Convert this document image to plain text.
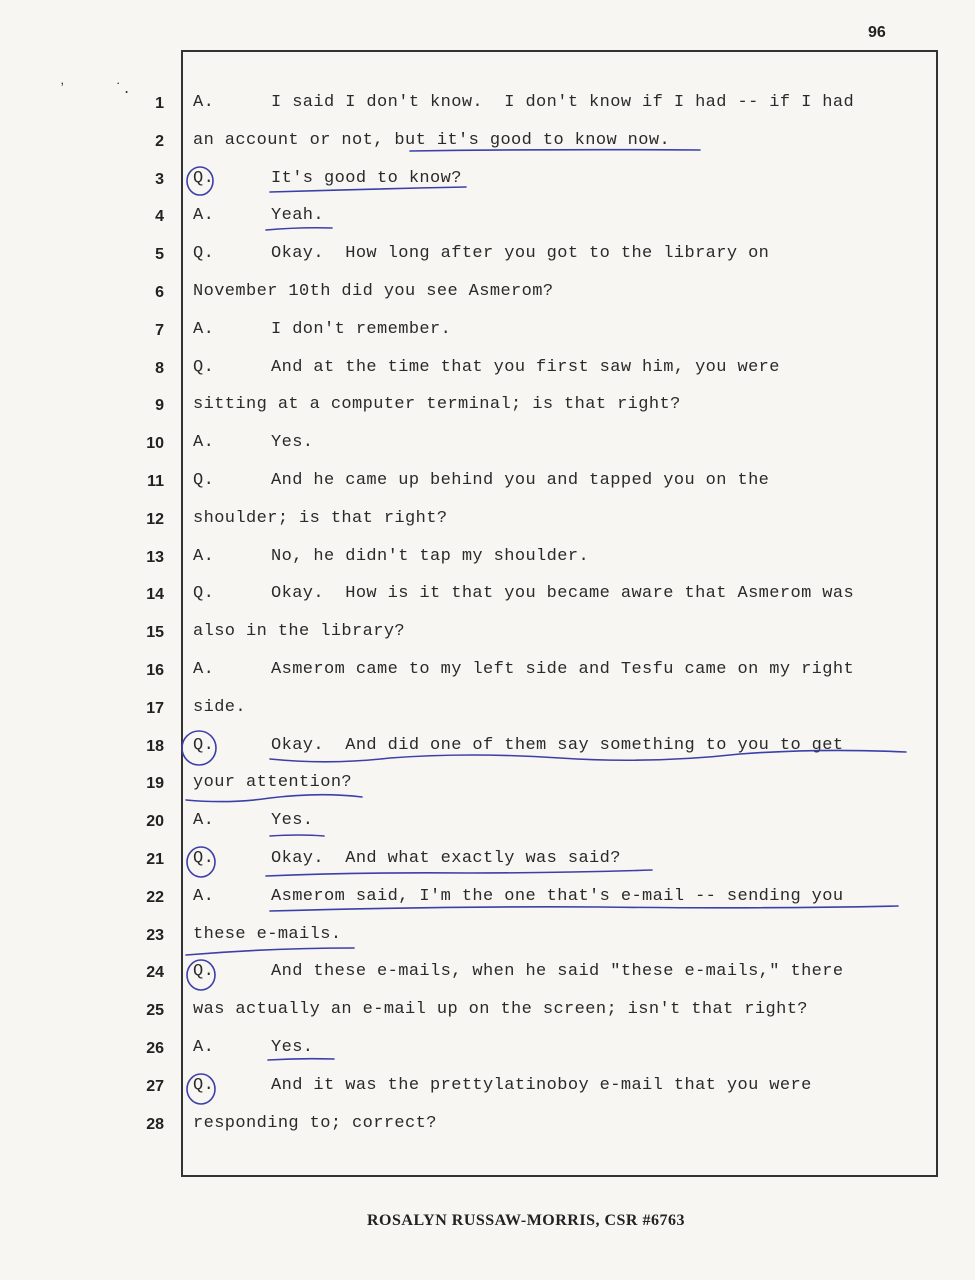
96
1 A.	I said I don't know.  I don't know if I had -- if I had
2 an account or not, but it's good to know now.
3 Q.	It's good to know?
4 A.	Yeah.
5 Q.	Okay.  How long after you got to the library on
6 November 10th did you see Asmerom?
7 A.	I don't remember.
8 Q.	And at the time that you first saw him, you were
9 sitting at a computer terminal; is that right?
10 A.	Yes.
11 Q.	And he came up behind you and tapped you on the
12 shoulder; is that right?
13 A.	No, he didn't tap my shoulder.
14 Q.	Okay.  How is it that you became aware that Asmerom was
15 also in the library?
16 A.	Asmerom came to my left side and Tesfu came on my right
17 side.
18 Q.	Okay.  And did one of them say something to you to get
19 your attention?
20 A.	Yes.
21 Q.	Okay.  And what exactly was said?
22 A.	Asmerom said, I'm the one that's e-mail -- sending you
23 these e-mails.
24 Q.	And these e-mails, when he said "these e-mails," there
25 was actually an e-mail up on the screen; isn't that right?
26 A.	Yes.
27 Q.	And it was the prettylatinoboy e-mail that you were
28 responding to; correct?
ʼ	˙.
ROSALYN RUSSAW-MORRIS, CSR #6763
